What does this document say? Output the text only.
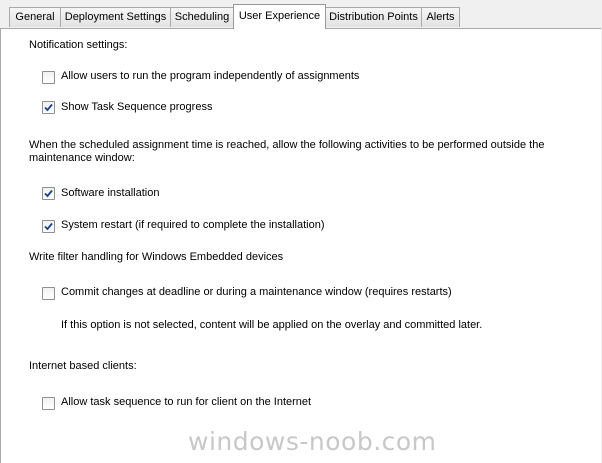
General Deployment Settings Scheduling User Experience Distribution Points Alerts
Notification settings:
Allow users to run the program independently of assignments
Show Task Sequence progress
When the scheduled assignment time is reached, allow the following activities to be performed outside the
maintenance window:
Software installation
System restart (if required to complete the installation)
Write filter handling for Windows Embedded devices
Commit changes at deadline or during a maintenance window (requires restarts)
If this option is not selected, content will be applied on the overlay and committed later.
Internet based clients:
Allow task sequence to run for client on the Internet
windows-noob.com
